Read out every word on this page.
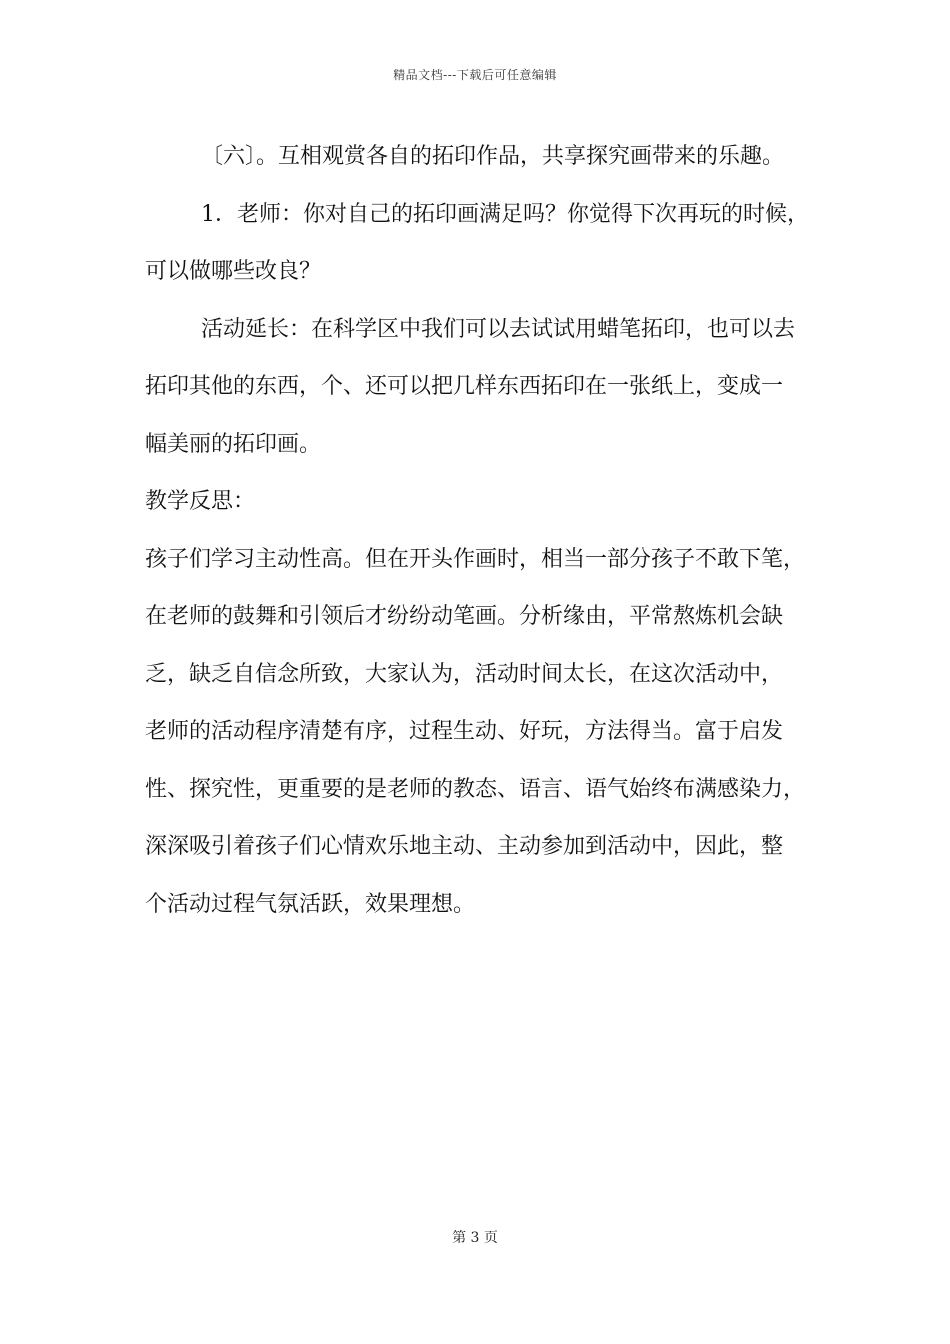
精品文档---下载后可任意编辑

〔六〕。互相观赏各自的拓印作品，共享探究画带来的乐趣。

1．老师：你对自己的拓印画满足吗？你觉得下次再玩的时候，

可以做哪些改良？

活动延长：在科学区中我们可以去试试用蜡笔拓印，也可以去

拓印其他的东西，个、还可以把几样东西拓印在一张纸上，变成一

幅美丽的拓印画。

教学反思：

孩子们学习主动性高。但在开头作画时，相当一部分孩子不敢下笔，

在老师的鼓舞和引领后才纷纷动笔画。分析缘由，平常熬炼机会缺

乏，缺乏自信念所致，大家认为，活动时间太长，在这次活动中，

老师的活动程序清楚有序，过程生动、好玩，方法得当。富于启发

性、探究性，更重要的是老师的教态、语言、语气始终布满感染力，

深深吸引着孩子们心情欢乐地主动、主动参加到活动中，因此，整

个活动过程气氛活跃，效果理想。

第 3 页
